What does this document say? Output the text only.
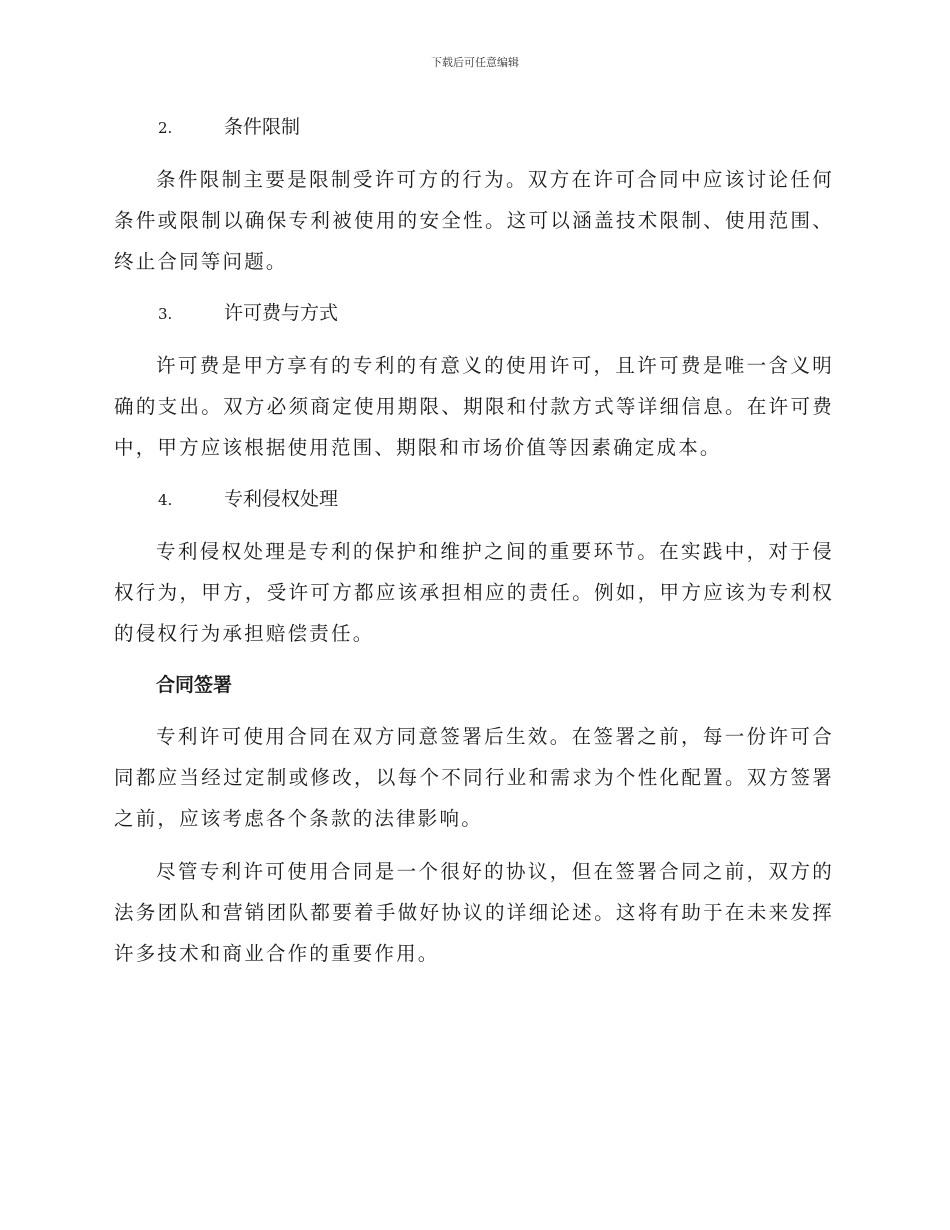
下载后可任意编辑
2.	条件限制

条件限制主要是限制受许可方的行为。双方在许可合同中应该讨论任何条件或限制以确保专利被使用的安全性。这可以涵盖技术限制、使用范围、终止合同等问题。

3.	许可费与方式

许可费是甲方享有的专利的有意义的使用许可，且许可费是唯一含义明确的支出。双方必须商定使用期限、期限和付款方式等详细信息。在许可费中，甲方应该根据使用范围、期限和市场价值等因素确定成本。

4.	专利侵权处理

专利侵权处理是专利的保护和维护之间的重要环节。在实践中，对于侵权行为，甲方，受许可方都应该承担相应的责任。例如，甲方应该为专利权的侵权行为承担赔偿责任。

合同签署

专利许可使用合同在双方同意签署后生效。在签署之前，每一份许可合同都应当经过定制或修改，以每个不同行业和需求为个性化配置。双方签署之前，应该考虑各个条款的法律影响。

尽管专利许可使用合同是一个很好的协议，但在签署合同之前，双方的法务团队和营销团队都要着手做好协议的详细论述。这将有助于在未来发挥许多技术和商业合作的重要作用。
